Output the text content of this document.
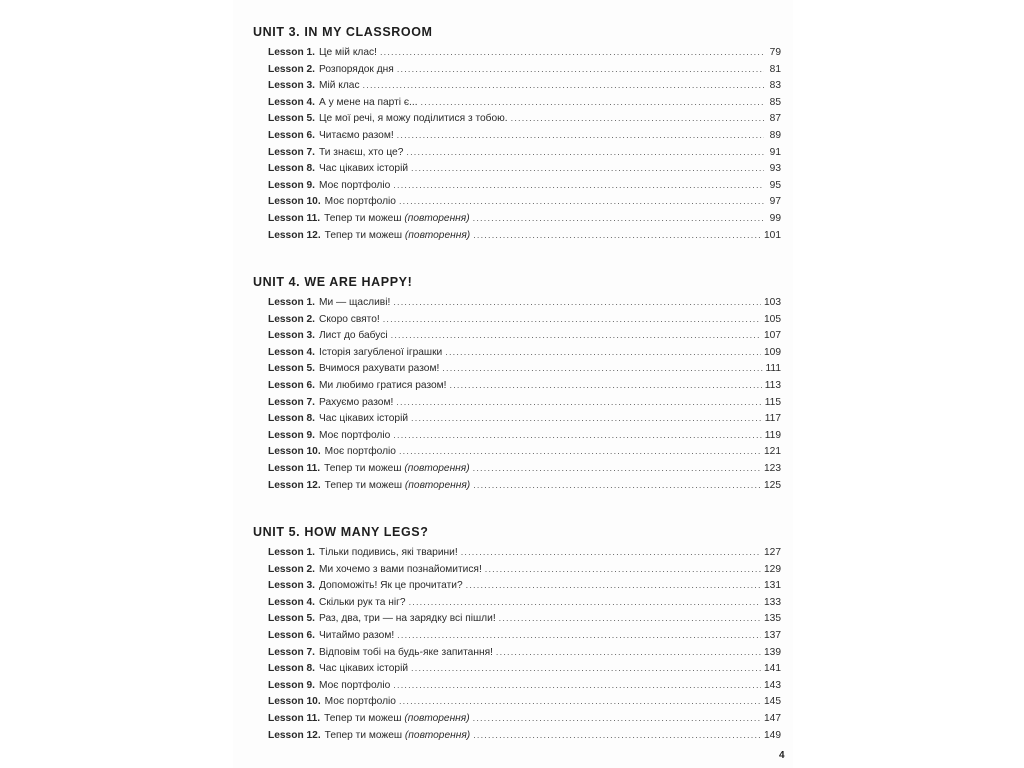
UNIT 3. IN MY CLASSROOM
Lesson 1. Це мій клас! .....	79
Lesson 2. Розпорядок дня .....	81
Lesson 3. Мій клас .....	83
Lesson 4. А у мене на парті є... .....	85
Lesson 5. Це мої речі, я можу поділитися з тобою. .....	87
Lesson 6. Читаємо разом! .....	89
Lesson 7. Ти знаєш, хто це? .....	91
Lesson 8. Час цікавих історій .....	93
Lesson 9. Моє портфоліо .....	95
Lesson 10. Моє портфоліо .....	97
Lesson 11. Тепер ти можеш (повторення) .....	99
Lesson 12. Тепер ти можеш (повторення) .....	101
UNIT 4. WE ARE HAPPY!
Lesson 1. Ми — щасливі! .....	103
Lesson 2. Скоро свято! .....	105
Lesson 3. Лист до бабусі .....	107
Lesson 4. Історія загубленої іграшки .....	109
Lesson 5. Вчимося рахувати разом! .....	111
Lesson 6. Ми любимо гратися разом! .....	113
Lesson 7. Рахуємо разом! .....	115
Lesson 8. Час цікавих історій .....	117
Lesson 9. Моє портфоліо .....	119
Lesson 10. Моє портфоліо .....	121
Lesson 11. Тепер ти можеш (повторення) .....	123
Lesson 12. Тепер ти можеш (повторення) .....	125
UNIT 5. HOW MANY LEGS?
Lesson 1. Тільки подивись, які тварини! .....	127
Lesson 2. Ми хочемо з вами познайомитися! .....	129
Lesson 3. Допоможіть! Як це прочитати? .....	131
Lesson 4. Скільки рук та ніг? .....	133
Lesson 5. Раз, два, три — на зарядку всі пішли! .....	135
Lesson 6. Читаймо разом! .....	137
Lesson 7. Відповім тобі на будь-яке запитання! .....	139
Lesson 8. Час цікавих історій .....	141
Lesson 9. Моє портфоліо .....	143
Lesson 10. Моє портфоліо .....	145
Lesson 11. Тепер ти можеш (повторення) .....	147
Lesson 12. Тепер ти можеш (повторення) .....	149
4
